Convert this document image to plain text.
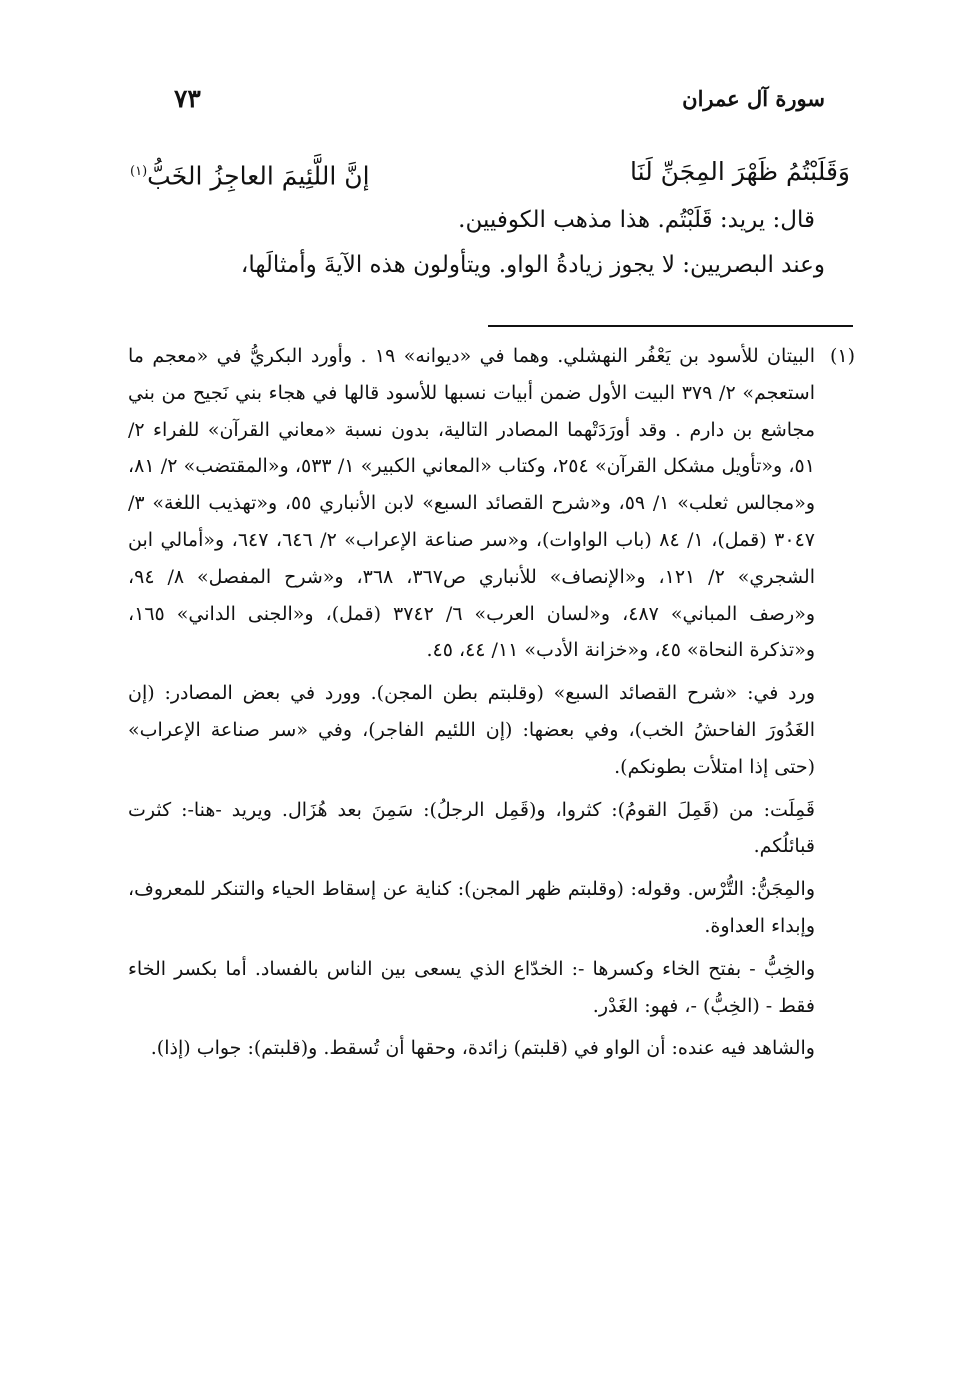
سورة آل عمران
٧٣
وَقَلَبْتُمُ ظَهْرَ المِجَنِّ لَنَا
إنَّ اللَّئِيمَ العاجِزُ الخَبُّ$^{(١)}$
قال: يريد: قَلَبْتُم. هذا مذهب الكوفيين.
وعند البصريين: لا يجوز زيادةُ الواو. ويتأولون هذه الآيةَ وأمثالَها،

(١)
البيتان للأسود بن يَعْفُر النهشلي. وهما في «ديوانه» ١٩ . وأورد البكريُّ في «معجم ما استعجم» ٢/ ٣٧٩ البيت الأول ضمن أبيات نسبها للأسود قالها في هجاء بني نَجيح من بني مجاشع بن دارم . وقد أورَدَتْهما المصادر التالية، بدون نسبة «معاني القرآن» للفراء ٢/ ٥١، و«تأويل مشكل القرآن» ٢٥٤، وكتاب «المعاني الكبير» ١/ ٥٣٣، و«المقتضب» ٢/ ٨١، و«مجالس ثعلب» ١/ ٥٩، و«شرح القصائد السبع» لابن الأنباري ٥٥، و«تهذيب اللغة» ٣/ ٣٠٤٧ (قمل)، ١/ ٨٤ (باب الواوات)، و«سر صناعة الإعراب» ٢/ ٦٤٦، ٦٤٧، و«أمالي ابن الشجري» ٢/ ١٢١، و«الإنصاف» للأنباري ص٣٦٧، ٣٦٨، و«شرح المفصل» ٨/ ٩٤، و«رصف المباني» ٤٨٧، و«لسان العرب» ٦/ ٣٧٤٢ (قمل)، و«الجنى الداني» ١٦٥، و«تذكرة النحاة» ٤٥، و«خزانة الأدب» ١١/ ٤٤، ٤٥.

ورد في: «شرح القصائد السبع» (وقلبتم بطن المجن). وورد في بعض المصادر: (إن الغَدُورَ الفاحشُ الخب)، وفي بعضها: (إن اللئيم الفاجر)، وفي «سر صناعة الإعراب» (حتى إذا امتلأت بطونكم).

قَمِلَت: من (قَمِلَ القومُ): كثروا، و(قَمِل الرجلُ): سَمِنَ بعد هُزَال. ويريد -هنا-: كثرت قبائلُكم.

والمِجَنُّ: التُّرْس. وقوله: (وقلبتم ظهر المجن): كناية عن إسقاط الحياء والتنكر للمعروف، وإبداء العداوة.

والخِبُّ - بفتح الخاء وكسرها -: الخدّاع الذي يسعى بين الناس بالفساد. أما بكسر الخاء فقط - (الخِبُّ) -، فهو: الغَدْر.

والشاهد فيه عنده: أن الواو في (قلبتم) زائدة، وحقها أن تُسقط. و(قلبتم): جواب (إذا).
